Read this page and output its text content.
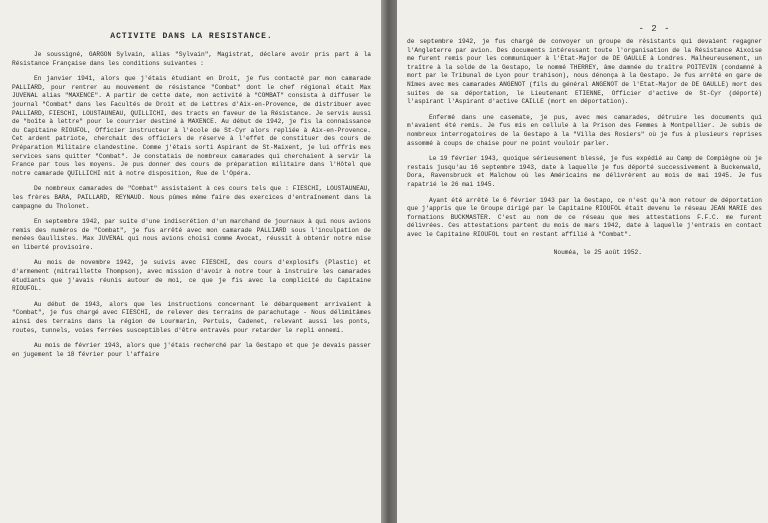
ACTIVITE DANS LA RESISTANCE.

Je soussigné, GARGON Sylvain, alias "Sylvain", Magistrat, déclare avoir pris part à la Résistance Française dans les conditions suivantes :

En janvier 1941, alors que j'étais étudiant en Droit, je fus contacté par mon camarade PALLIARD, pour rentrer au mouvement de résistance "Combat" dont le chef régional était Max JUVENAL alias "MAXENCE". A partir de cette date, mon activité à "COMBAT" consista à diffuser le journal "Combat" dans les Facultés de Droit et de Lettres d'Aix-en-Provence, de distribuer avec PALLIARD, FIESCHI, LOUSTAUNEAU, QUILLICHI, des tracts en faveur de la Résistance. Je servis aussi de "boîte à lettre" pour le courrier destiné à MAXENCE. Au début de 1942, je fis la connaissance du Capitaine RIOUFOL, Officier instructeur à l'école de St-Cyr alors repliée à Aix-en-Provence. Cet ardent patriote, cherchait des officiers de réserve à l'effet de constituer des cours de Préparation Militaire clandestine. Comme j'étais sorti Aspirant de St-Maixent, je lui offris mes services sans quitter "Combat". Je constatais de nombreux camarades qui cherchaient à servir la France par tous les moyens. Je pus donner des cours de préparation militaire dans l'Hôtel que notre camarade QUILLICHI mit à notre disposition, Rue de l'Opéra.

De nombreux camarades de "Combat" assistaient à ces cours tels que : FIESCHI, LOUSTAUNEAU, les frères BARA, PAILLARD, REYNAUD. Nous pûmes même faire des exercices d'entraînement dans la campagne du Tholonet.

En septembre 1942, par suite d'une indiscrétion d'un marchand de journaux à qui nous avions remis des numéros de "Combat", je fus arrêté avec mon camarade PALLIARD sous l'inculpation de menées Gaullistes. Max JUVENAL qui nous avions choisi comme Avocat, réussit à obtenir notre mise en liberté provisoire.

Au mois de novembre 1942, je suivis avec FIESCHI, des cours d'explosifs (Plastic) et d'armement (mitraillette Thompson), avec mission d'avoir à notre tour à instruire les camarades étudiants que j'avais réunis autour de moi, ce que je fis avec la complicité du Capitaine RIOUFOL.

Au début de 1943, alors que les instructions concernant le débarquement arrivaient à "Combat", je fus chargé avec FIESCHI, de relever des terrains de parachutage - Nous délimitâmes ainsi des terrains dans la région de Lourmarin, Pertuis, Cadenet, relevant aussi les ponts, routes, tunnels, voies ferrées susceptibles d'être entravés pour retarder le repli ennemi.

Au mois de février 1943, alors que j'étais recherché par la Gestapo et que je devais passer en jugement le 18 février pour l'affaire

- 2 -

de septembre 1942, je fus chargé de convoyer un groupe de résistants qui devaient regagner l'Angleterre par avion. Des documents intéressant toute l'organisation de la Résistance Aixoise me furent remis pour les communiquer à l'Etat-Major de DE GAULLE à Londres. Malheureusement, un traître à la solde de la Gestapo, le nommé THERREY, âme damnée du traître POITEVIN (condamné à mort par le Tribunal de Lyon pour trahison), nous dénonça à la Gestapo. Je fus arrêté en gare de Nîmes avec mes camarades ANGENOT (fils du général ANGENOT de l'Etat-Major de DE GAULLE) mort des suites de sa déportation, le Lieutenant ETIENNE, Officier d'active de St-Cyr (déporté) l'aspirant l'Aspirant d'active CAILLE (mort en déportation).

Enfermé dans une casemate, je pus, avec mes camarades, détruire les documents qui m'avaient été remis. Je fus mis en cellule à la Prison des Femmes à Montpellier. Je subis de nombreux interrogatoires de la Gestapo à la "Villa des Rosiers" où je fus à plusieurs reprises assommé à coups de chaise pour ne point vouloir parler.

Le 19 février 1943, quoique sérieusement blessé, je fus expédié au Camp de Compiègne où je restais jusqu'au 16 septembre 1943, date à laquelle je fus déporté successivement à Buckenwald, Dora, Ravensbruck et Malchow où les Américains me délivrèrent au mois de mai 1945. Je fus rapatrié le 26 mai 1945.

Ayant été arrêté le 6 février 1943 par la Gestapo, ce n'est qu'à mon retour de déportation que j'appris que le Groupe dirigé par le Capitaine RIOUFOL était devenu le réseau JEAN MARIE des formations BUCKMASTER. C'est au nom de ce réseau que mes attestations F.F.C. me furent délivrées. Ces attestations partent du mois de mars 1942, date à laquelle j'entrais en contact avec le Capitaine RIOUFOL tout en restant affilié à "Combat".

Nouméa, le 25 août 1952.
